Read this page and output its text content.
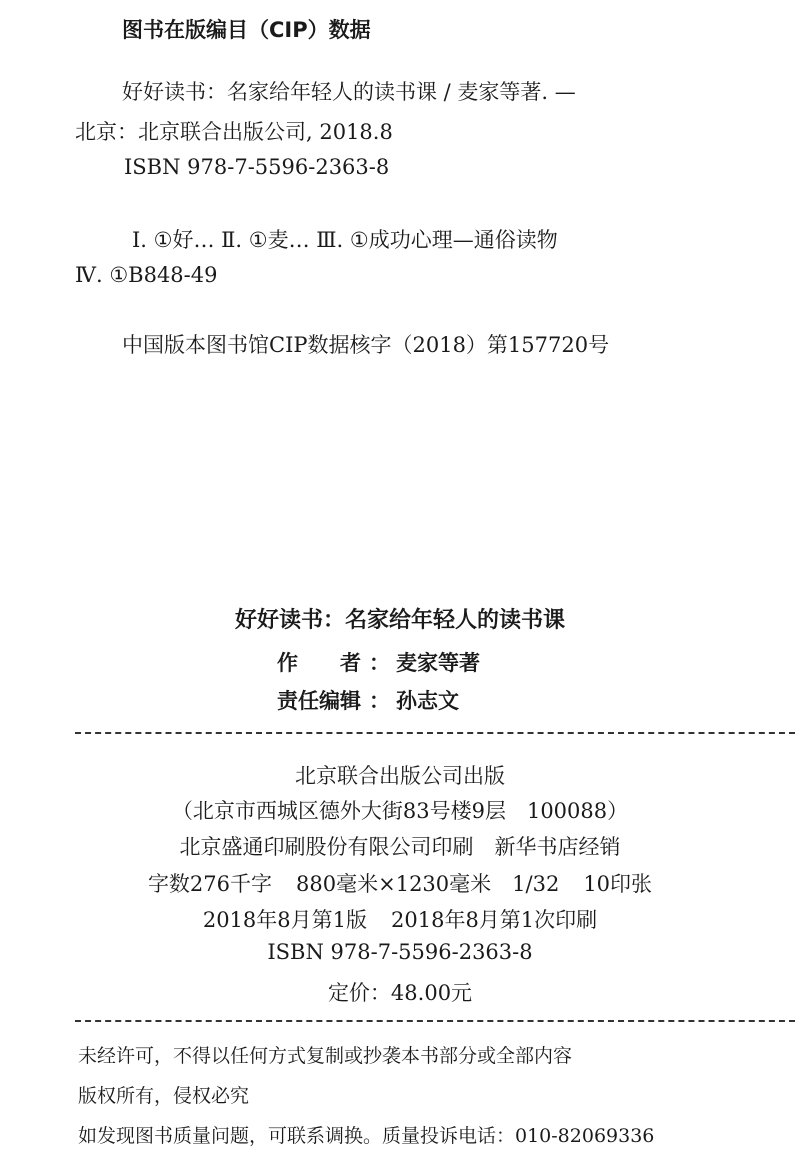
图书在版编目（CIP）数据
好好读书：名家给年轻人的读书课 / 麦家等著. —
北京：北京联合出版公司, 2018.8
ISBN 978-7-5596-2363-8
Ⅰ. ①好… Ⅱ. ①麦… Ⅲ. ①成功心理—通俗读物
Ⅳ. ①B848-49
中国版本图书馆CIP数据核字（2018）第157720号
好好读书：名家给年轻人的读书课
作　　者 ： 麦家等著
责任编辑 ： 孙志文
北京联合出版公司出版
（北京市西城区德外大街83号楼9层　100088）
北京盛通印刷股份有限公司印刷　新华书店经销
字数276千字 880毫米×1230毫米　1/32 10印张
2018年8月第1版 2018年8月第1次印刷
ISBN 978-7-5596-2363-8
定价：48.00元
未经许可，不得以任何方式复制或抄袭本书部分或全部内容
版权所有，侵权必究
如发现图书质量问题，可联系调换。质量投诉电话：010-82069336
